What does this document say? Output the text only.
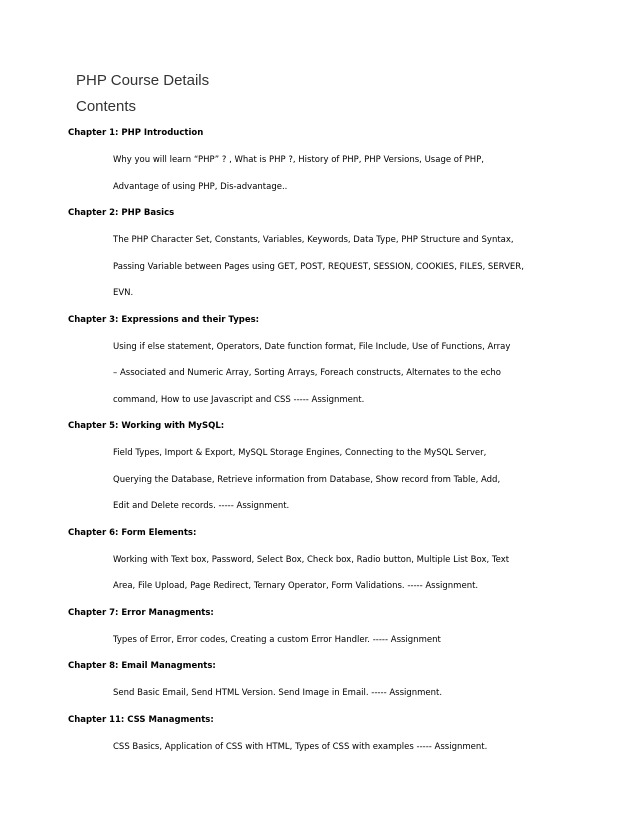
PHP Course Details
Contents
Chapter 1: PHP Introduction
Why you will learn “PHP” ? , What is PHP ?, History of PHP, PHP Versions, Usage of PHP,
Advantage of using PHP, Dis-advantage..
Chapter 2: PHP Basics
The PHP Character Set, Constants, Variables, Keywords, Data Type, PHP Structure and Syntax,
Passing Variable between Pages using GET, POST, REQUEST, SESSION, COOKIES, FILES, SERVER,
EVN.
Chapter 3: Expressions and their Types:
Using if else statement, Operators, Date function format, File Include, Use of Functions, Array
– Associated and Numeric Array, Sorting Arrays, Foreach constructs, Alternates to the echo
command, How to use Javascript and CSS ----- Assignment.
Chapter 5: Working with MySQL:
Field Types, Import & Export, MySQL Storage Engines, Connecting to the MySQL Server,
Querying the Database, Retrieve information from Database, Show record from Table, Add,
Edit and Delete records. ----- Assignment.
Chapter 6: Form Elements:
Working with Text box, Password, Select Box, Check box, Radio button, Multiple List Box, Text
Area, File Upload, Page Redirect, Ternary Operator, Form Validations. ----- Assignment.
Chapter 7: Error Managments:
Types of Error, Error codes, Creating a custom Error Handler. ----- Assignment
Chapter 8: Email Managments:
Send Basic Email, Send HTML Version. Send Image in Email. ----- Assignment.
Chapter 11: CSS Managments:
CSS Basics, Application of CSS with HTML, Types of CSS with examples ----- Assignment.
